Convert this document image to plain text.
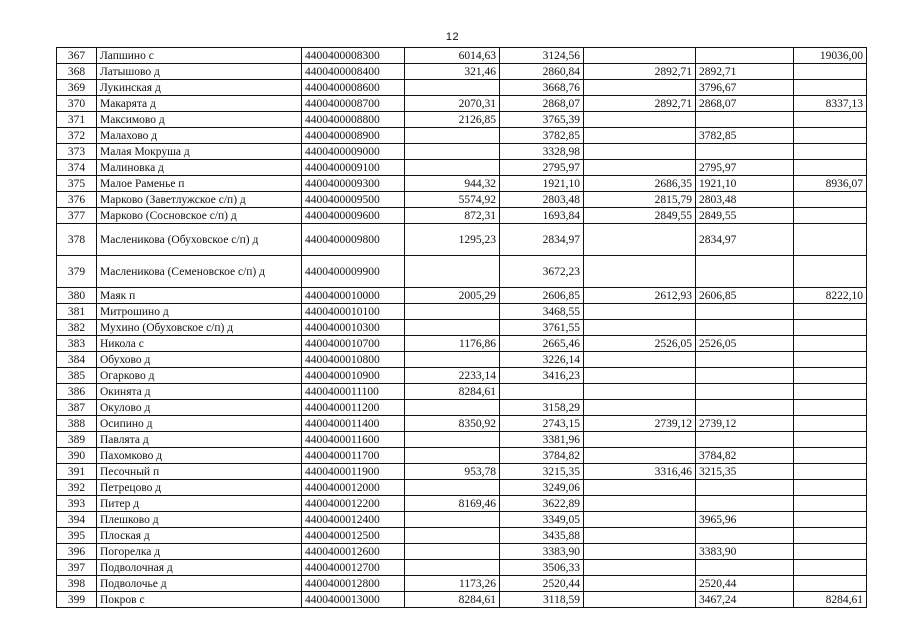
12
367	Лапшино с	4400400008300	6014,63	3124,56			19036,00
368	Латышово д	4400400008400	321,46	2860,84	2892,71	2892,71	
369	Лукинская д	4400400008600		3668,76		3796,67	
370	Макарята д	4400400008700	2070,31	2868,07	2892,71	2868,07	8337,13
371	Максимово д	4400400008800	2126,85	3765,39			
372	Малахово д	4400400008900		3782,85		3782,85	
373	Малая Мокруша д	4400400009000		3328,98			
374	Малиновка д	4400400009100		2795,97		2795,97	
375	Малое Раменье п	4400400009300	944,32	1921,10	2686,35	1921,10	8936,07
376	Марково (Заветлужское с/п) д	4400400009500	5574,92	2803,48	2815,79	2803,48	
377	Марково (Сосновское с/п) д	4400400009600	872,31	1693,84	2849,55	2849,55	
378	Масленикова (Обуховское с/п) д	4400400009800	1295,23	2834,97		2834,97	
379	Масленикова (Семеновское с/п) д	4400400009900		3672,23			
380	Маяк п	4400400010000	2005,29	2606,85	2612,93	2606,85	8222,10
381	Митрошино д	4400400010100		3468,55			
382	Мухино (Обуховское с/п) д	4400400010300		3761,55			
383	Никола с	4400400010700	1176,86	2665,46	2526,05	2526,05	
384	Обухово д	4400400010800		3226,14			
385	Огарково д	4400400010900	2233,14	3416,23			
386	Окинята д	4400400011100	8284,61				
387	Окулово д	4400400011200		3158,29			
388	Осипино д	4400400011400	8350,92	2743,15	2739,12	2739,12	
389	Павлята д	4400400011600		3381,96			
390	Пахомково д	4400400011700		3784,82		3784,82	
391	Песочный п	4400400011900	953,78	3215,35	3316,46	3215,35	
392	Петрецово д	4400400012000		3249,06			
393	Питер д	4400400012200	8169,46	3622,89			
394	Плешково д	4400400012400		3349,05		3965,96	
395	Плоская д	4400400012500		3435,88			
396	Погорелка д	4400400012600		3383,90		3383,90	
397	Подволочная д	4400400012700		3506,33			
398	Подволочье д	4400400012800	1173,26	2520,44		2520,44	
399	Покров с	4400400013000	8284,61	3118,59		3467,24	8284,61
